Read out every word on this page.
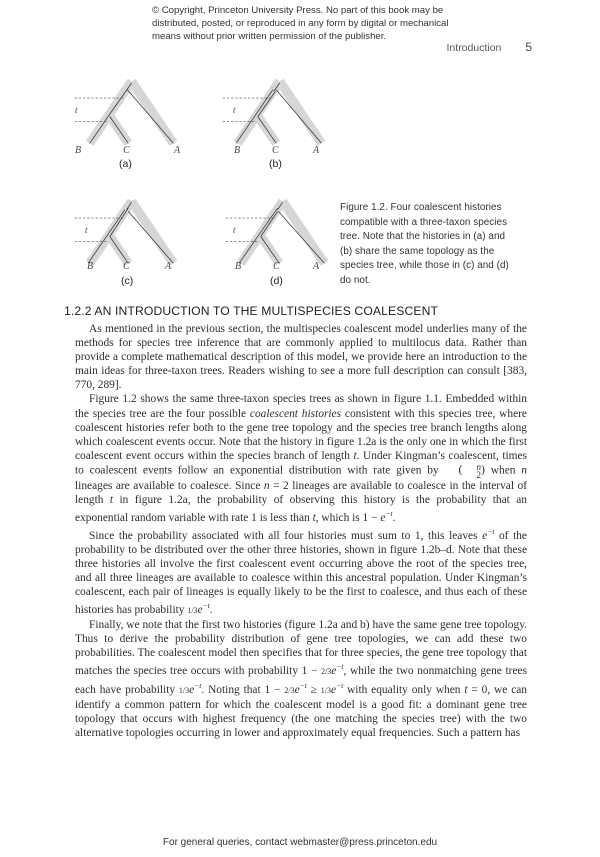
© Copyright, Princeton University Press. No part of this book may be distributed, posted, or reproduced in any form by digital or mechanical means without prior written permission of the publisher.
Introduction 5
t
B	C	A
(a)
t
B	C	A
(b)
t
B	C	A
(c)
t
B	C	A
(d)
Figure 1.2. Four coalescent histories compatible with a three-taxon species tree. Note that the histories in (a) and (b) share the same topology as the species tree, while those in (c) and (d) do not.
1.2.2 AN INTRODUCTION TO THE MULTISPECIES COALESCENT

As mentioned in the previous section, the multispecies coalescent model underlies many of the methods for species tree inference that are commonly applied to multilocus data. Rather than provide a complete mathematical description of this model, we provide here an introduction to the main ideas for three-taxon trees. Readers wishing to see a more full description can consult [383, 770, 289].

Figure 1.2 shows the same three-taxon species trees as shown in figure 1.1. Embedded within the species tree are the four possible coalescent histories consistent with this species tree, where coalescent histories refer both to the gene tree topology and the species tree branch lengths along which coalescent events occur. Note that the history in figure 1.2a is the only one in which the first coalescent event occurs within the species branch of length t. Under Kingman’s coalescent, times to coalescent events follow an exponential distribution with rate given by (	n
2 ) when n lineages are available to coalesce. Since n = 2 lineages are available to coalesce in the interval of length t in figure 1.2a, the probability of observing this history is the probability that an exponential random variable with rate 1 is less than t, which is $1 - e^{-t}$.

Since the probability associated with all four histories must sum to 1, this leaves $e^{-t}$ of the probability to be distributed over the other three histories, shown in figure 1.2b–d. Note that these three histories all involve the first coalescent event occurring above the root of the species tree, and all three lineages are available to coalesce within this ancestral population. Under Kingman’s coalescent, each pair of lineages is equally likely to be the first to coalesce, and thus each of these histories has probability $1/3e^{-t}$.

Finally, we note that the first two histories (figure 1.2a and b) have the same gene tree topology. Thus to derive the probability distribution of gene tree topologies, we can add these two probabilities. The coalescent model then specifies that for three species, the gene tree topology that matches the species tree occurs with probability $1 - 2/3e^{-t}$, while the two nonmatching gene trees each have probability $1/3e^{-t}$. Noting that $1 - 2/3e^{-t} \ge 1/3e^{-t}$ with equality only when t = 0, we can identify a common pattern for which the coalescent model is a good fit: a dominant gene tree topology that occurs with highest frequency (the one matching the species tree) with the two alternative topologies occurring in lower and approximately equal frequencies. Such a pattern has

For general queries, contact webmaster@press.princeton.edu
